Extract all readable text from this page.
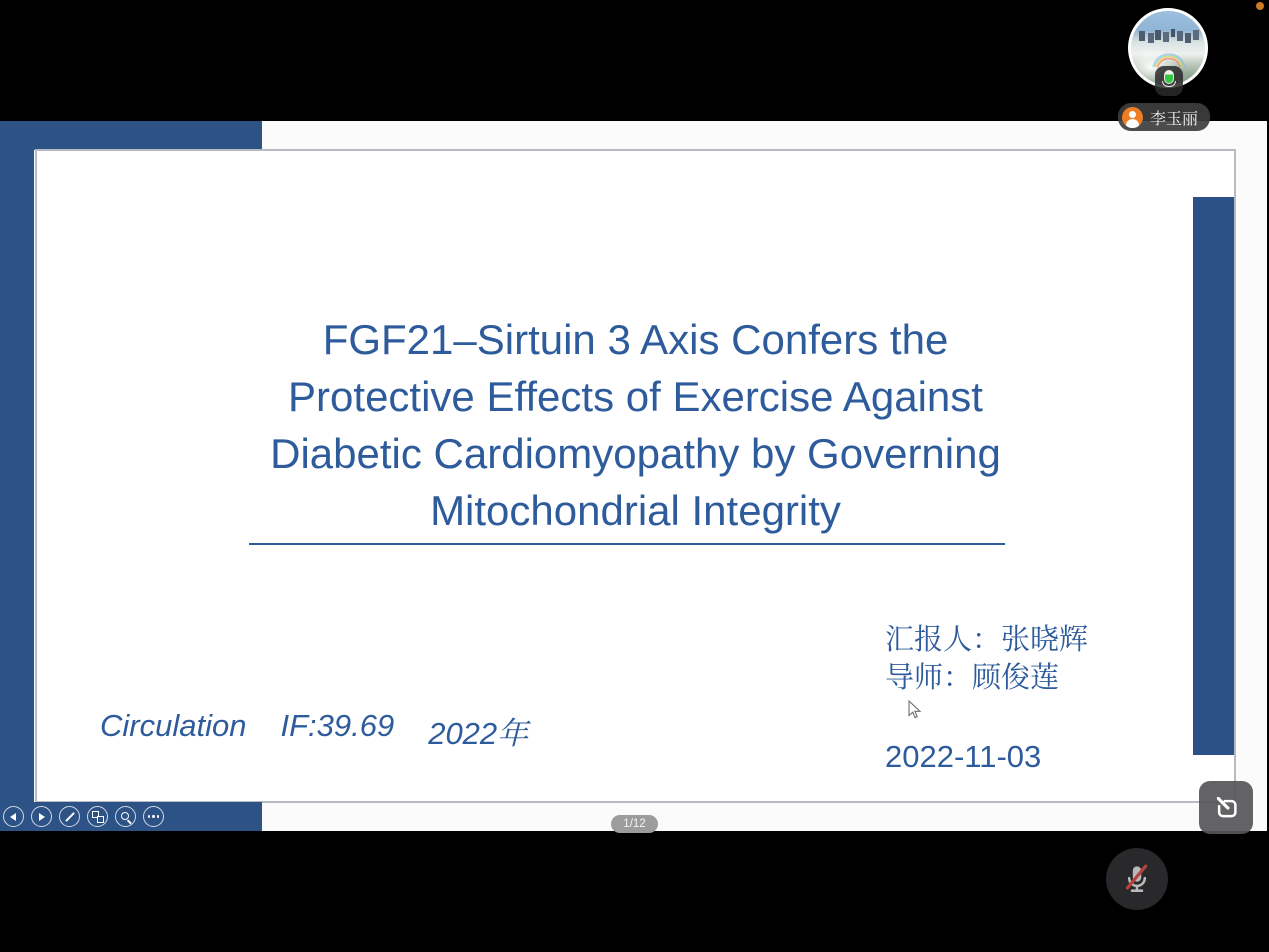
FGF21–Sirtuin 3 Axis Confers the
Protective Effects of Exercise Against
Diabetic Cardiomyopathy by Governing
Mitochondrial Integrity
汇报人：张晓辉
导师：顾俊莲
2022-11-03
Circulation IF:39.69 2022年
1/12
李玉丽
